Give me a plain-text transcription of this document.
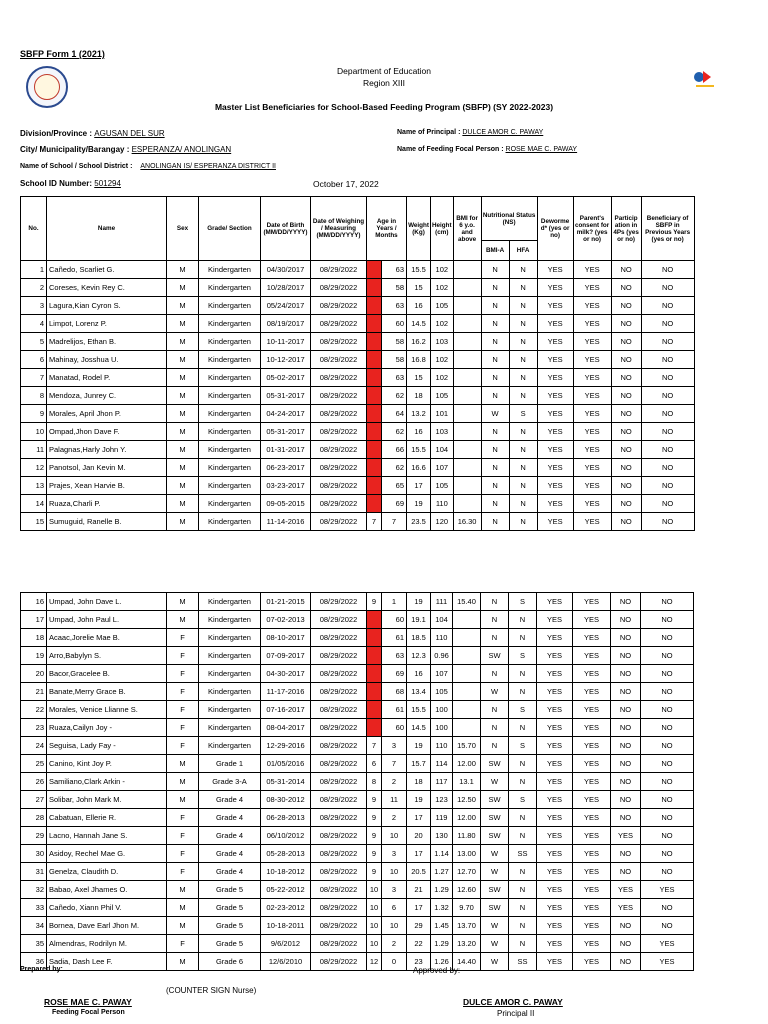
SBFP Form 1 (2021)
Department of Education
Region XIII
Master List Beneficiaries for School-Based Feeding Program (SBFP) (SY 2022-2023)
Division/Province : AGUSAN DEL SUR
City/ Municipality/Barangay : ESPERANZA/ ANOLINGAN
Name of School / School District : ANOLINGAN IS/ ESPERANZA DISTRICT II
School ID Number: 501294	October 17, 2022
Name of Principal : DULCE AMOR C. PAWAY
Name of Feeding Focal Person : ROSE MAE C. PAWAY
No.	Name	Sex	Grade/ Section	Date of Birth (MM/DD/YYYY)	Date of Weighing / Measuring (MM/DD/YYYY)	Age in Years / Months		Weight (Kg)	Height (cm)	BMI for 6 y.o. and above	Nutritional Status (NS)		Deworme d* (yes or no)	Parent's consent for milk? (yes or no)	Particip ation in 4Ps (yes or no)	Beneficiary of SBFP in Previous Years (yes or no)
											BMI-A	HFA				
1	Cañedo, Scarliet G.	M	Kindergarten	04/30/2017	08/29/2022		63	15.5	102		N	N	YES	YES	NO	NO
2	Coreses, Kevin Rey C.	M	Kindergarten	10/28/2017	08/29/2022		58	15	102		N	N	YES	YES	NO	NO
3	Lagura,Kian Cyron S.	M	Kindergarten	05/24/2017	08/29/2022		63	16	105		N	N	YES	YES	NO	NO
4	Limpot, Lorenz P.	M	Kindergarten	08/19/2017	08/29/2022		60	14.5	102		N	N	YES	YES	NO	NO
5	Madrelijos, Ethan B.	M	Kindergarten	10-11-2017	08/29/2022		58	16.2	103		N	N	YES	YES	NO	NO
6	Mahinay, Josshua U.	M	Kindergarten	10-12-2017	08/29/2022		58	16.8	102		N	N	YES	YES	NO	NO
7	Manatad, Rodel P.	M	Kindergarten	05-02-2017	08/29/2022		63	15	102		N	N	YES	YES	NO	NO
8	Mendoza, Junrey C.	M	Kindergarten	05-31-2017	08/29/2022		62	18	105		N	N	YES	YES	NO	NO
9	Morales, April Jhon P.	M	Kindergarten	04-24-2017	08/29/2022		64	13.2	101		W	S	YES	YES	NO	NO
10	Ompad,Jhon Dave F.	M	Kindergarten	05-31-2017	08/29/2022		62	16	103		N	N	YES	YES	NO	NO
11	Palagnas,Harly John Y.	M	Kindergarten	01-31-2017	08/29/2022		66	15.5	104		N	N	YES	YES	NO	NO
12	Panotsol, Jan Kevin M.	M	Kindergarten	06-23-2017	08/29/2022		62	16.6	107		N	N	YES	YES	NO	NO
13	Prajes, Xean Harvie B.	M	Kindergarten	03-23-2017	08/29/2022		65	17	105		N	N	YES	YES	NO	NO
14	Ruaza,Charli P.	M	Kindergarten	09-05-2015	08/29/2022		69	19	110		N	N	YES	YES	NO	NO
15	Sumuguid, Ranelle B.	M	Kindergarten	11-14-2016	08/29/2022	7	7	23.5	120	16.30	N	N	YES	YES	NO	NO
16	Umpad, John Dave L.	M	Kindergarten	01-21-2015	08/29/2022	9	1	19	111	15.40	N	S	YES	YES	NO	NO
17	Umpad, John Paul L.	M	Kindergarten	07-02-2013	08/29/2022		60	19.1	104		N	N	YES	YES	NO	NO
18	Acaac,Jorelie Mae B.	F	Kindergarten	08-10-2017	08/29/2022		61	18.5	110		N	N	YES	YES	NO	NO
19	Arro,Babylyn S.	F	Kindergarten	07-09-2017	08/29/2022		63	12.3	0.96		SW	S	YES	YES	NO	NO
20	Bacor,Gracelee B.	F	Kindergarten	04-30-2017	08/29/2022		69	16	107		N	N	YES	YES	NO	NO
21	Banate,Merry Grace B.	F	Kindergarten	11-17-2016	08/29/2022		68	13.4	105		W	N	YES	YES	NO	NO
22	Morales, Venice Llianne S.	F	Kindergarten	07-16-2017	08/29/2022		61	15.5	100		N	S	YES	YES	NO	NO
23	Ruaza,Cailyn Joy -	F	Kindergarten	08-04-2017	08/29/2022		60	14.5	100		N	N	YES	YES	NO	NO
24	Seguisa, Lady Fay -	F	Kindergarten	12-29-2016	08/29/2022	7	3	19	110	15.70	N	S	YES	YES	NO	NO
25	Canino, Kint Joy P.	M	Grade 1	01/05/2016	08/29/2022	6	7	15.7	114	12.00	SW	N	YES	YES	NO	NO
26	Samiliano,Clark Arkin -	M	Grade 3-A	05-31-2014	08/29/2022	8	2	18	117	13.1	W	N	YES	YES	NO	NO
27	Solibar, John Mark M.	M	Grade 4	08-30-2012	08/29/2022	9	11	19	123	12.50	SW	S	YES	YES	NO	NO
28	Cabatuan, Ellerie R.	F	Grade 4	06-28-2013	08/29/2022	9	2	17	119	12.00	SW	N	YES	YES	NO	NO
29	Lacno, Hannah Jane S.	F	Grade 4	06/10/2012	08/29/2022	9	10	20	130	11.80	SW	N	YES	YES	YES	NO
30	Asidoy, Rechel Mae G.	F	Grade 4	05-28-2013	08/29/2022	9	3	17	1.14	13.00	W	SS	YES	YES	NO	NO
31	Genelza, Claudith D.	F	Grade 4	10-18-2012	08/29/2022	9	10	20.5	1.27	12.70	W	N	YES	YES	NO	NO
32	Babao, Axel Jhames O.	M	Grade 5	05-22-2012	08/29/2022	10	3	21	1.29	12.60	SW	N	YES	YES	YES	YES
33	Cañedo, Xiann Phil V.	M	Grade 5	02-23-2012	08/29/2022	10	6	17	1.32	9.70	SW	N	YES	YES	YES	NO
34	Bornea, Dave Earl Jhon M.	M	Grade 5	10-18-2011	08/29/2022	10	10	29	1.45	13.70	W	N	YES	YES	NO	NO
35	Almendras, Rodrilyn M.	F	Grade 5	9/6/2012	08/29/2022	10	2	22	1.29	13.20	W	N	YES	YES	NO	YES
36	Sadia, Dash Lee F.	M	Grade 6	12/6/2010	08/29/2022	12	0	23	1.26	14.40	W	SS	YES	YES	NO	YES
Prepared by:	Approved by:
(COUNTER SIGN Nurse)
ROSE MAE C. PAWAY
Feeding Focal Person
DULCE AMOR C. PAWAY
Principal II
